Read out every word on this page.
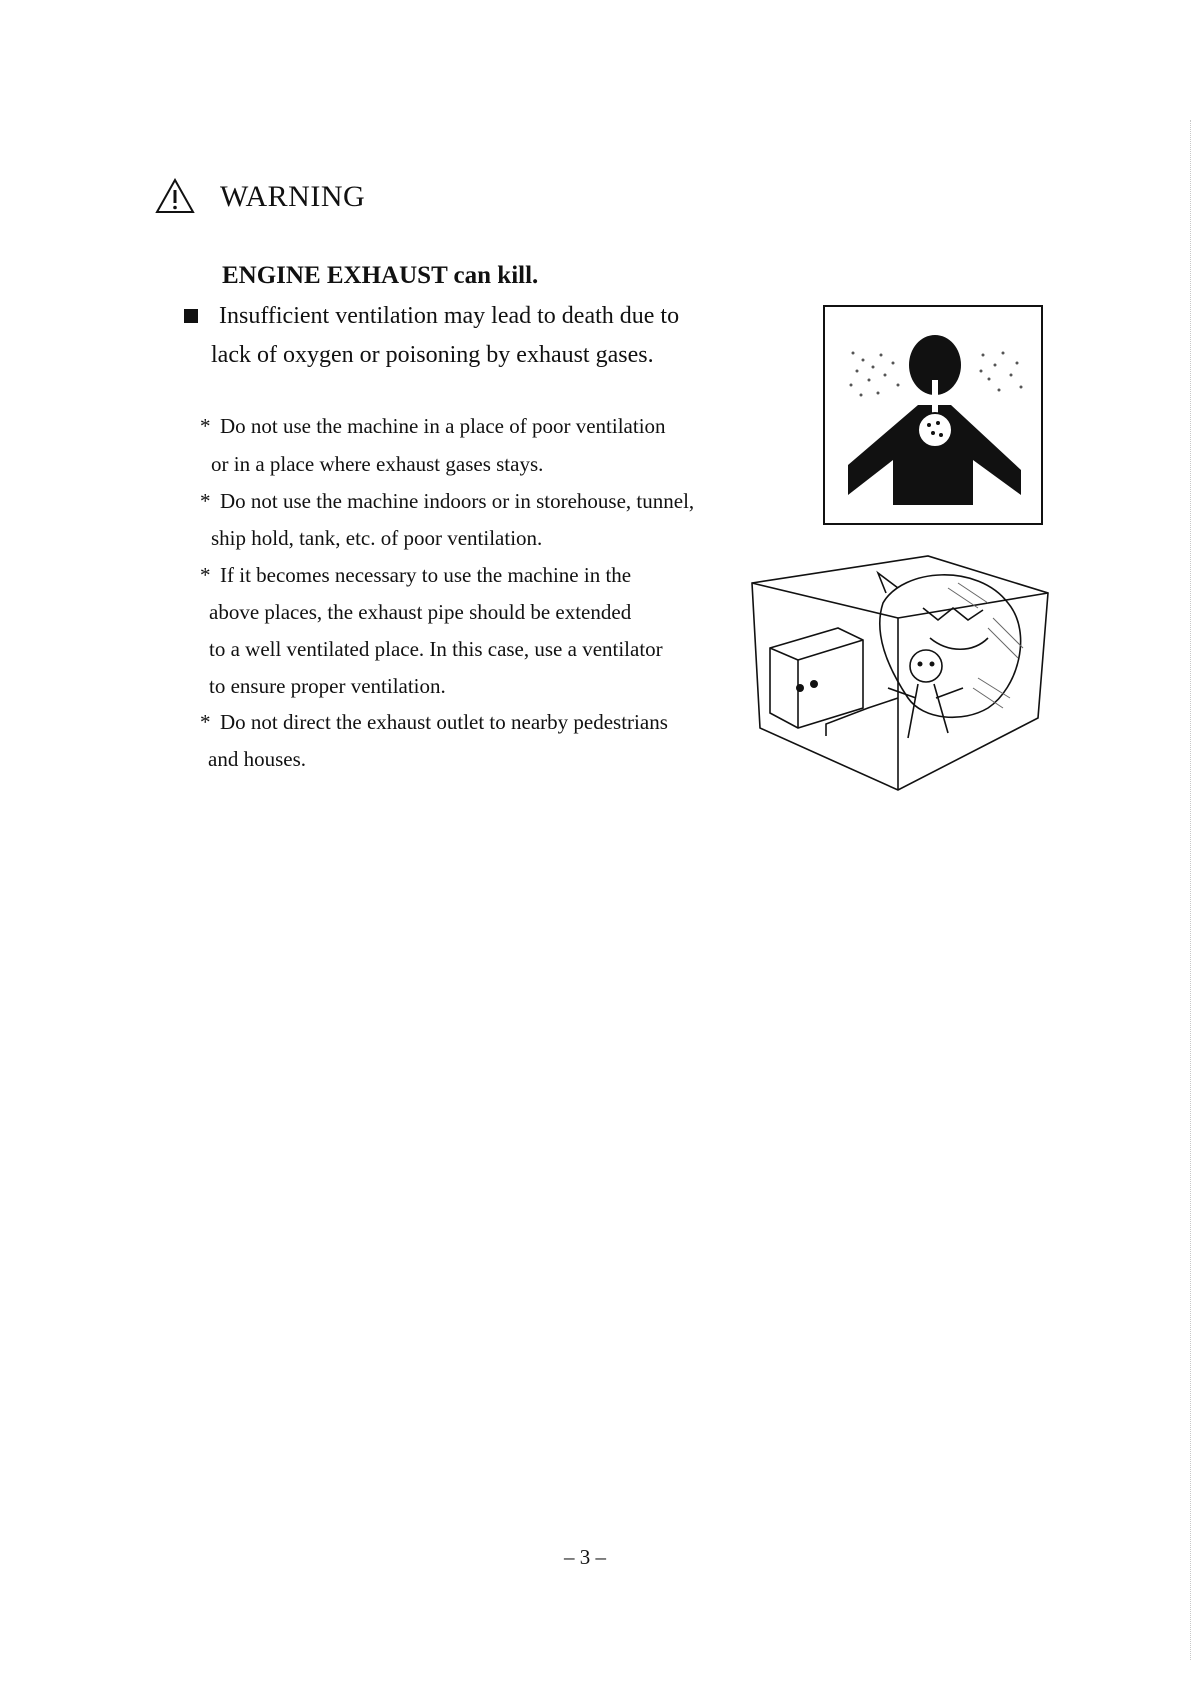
WARNING
ENGINE EXHAUST can kill.
Insufficient ventilation may lead to death due to
lack of oxygen or poisoning by exhaust gases.
* Do not use the machine in a place of poor ventilation
or in a place where exhaust gases stays.
* Do not use the machine indoors or in storehouse, tunnel,
ship hold, tank, etc. of poor ventilation.
* If it becomes necessary to use the machine in the
above places, the exhaust pipe should be extended
to a well ventilated place. In this case, use a ventilator
to ensure proper ventilation.
* Do not direct the exhaust outlet to nearby pedestrians
and houses.
– 3 –
